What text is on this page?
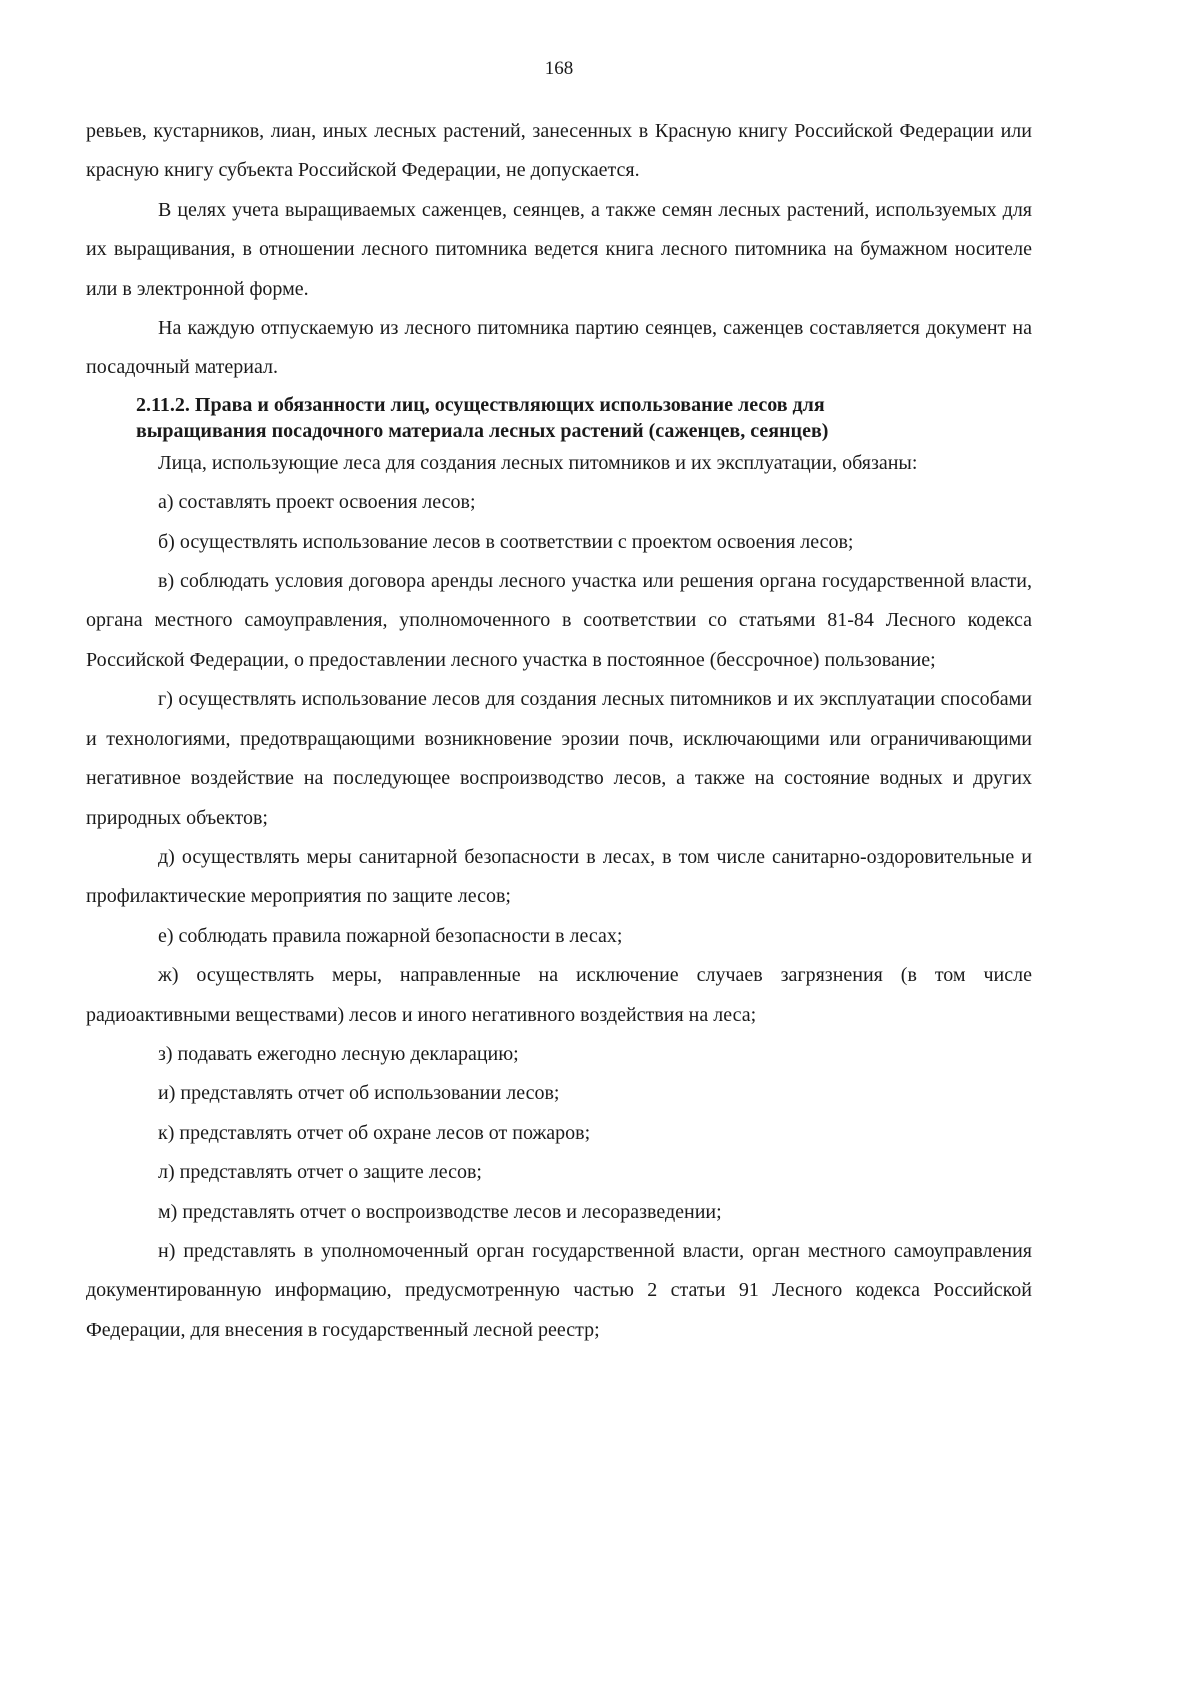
168

ревьев, кустарников, лиан, иных лесных растений, занесенных в Красную книгу Российской Федерации или красную книгу субъекта Российской Федерации, не допускается.

В целях учета выращиваемых саженцев, сеянцев, а также семян лесных растений, используемых для их выращивания, в отношении лесного питомника ведется книга лесного питомника на бумажном носителе или в электронной форме.

На каждую отпускаемую из лесного питомника партию сеянцев, саженцев составляется документ на посадочный материал.

2.11.2. Права и обязанности лиц, осуществляющих использование лесов для
выращивания посадочного материала лесных растений (саженцев, сеянцев)

Лица, использующие леса для создания лесных питомников и их эксплуатации, обязаны:

а) составлять проект освоения лесов;

б) осуществлять использование лесов в соответствии с проектом освоения лесов;

в) соблюдать условия договора аренды лесного участка или решения органа государственной власти, органа местного самоуправления, уполномоченного в соответствии со статьями 81-84 Лесного кодекса Российской Федерации, о предоставлении лесного участка в постоянное (бессрочное) пользование;

г) осуществлять использование лесов для создания лесных питомников и их эксплуатации способами и технологиями, предотвращающими возникновение эрозии почв, исключающими или ограничивающими негативное воздействие на последующее воспроизводство лесов, а также на состояние водных и других природных объектов;

д) осуществлять меры санитарной безопасности в лесах, в том числе санитарно-оздоровительные и профилактические мероприятия по защите лесов;

е) соблюдать правила пожарной безопасности в лесах;

ж) осуществлять меры, направленные на исключение случаев загрязнения (в том числе радиоактивными веществами) лесов и иного негативного воздействия на леса;

з) подавать ежегодно лесную декларацию;

и) представлять отчет об использовании лесов;

к) представлять отчет об охране лесов от пожаров;

л) представлять отчет о защите лесов;

м) представлять отчет о воспроизводстве лесов и лесоразведении;

н) представлять в уполномоченный орган государственной власти, орган местного самоуправления документированную информацию, предусмотренную частью 2 статьи 91 Лесного кодекса Российской Федерации, для внесения в государственный лесной реестр;
